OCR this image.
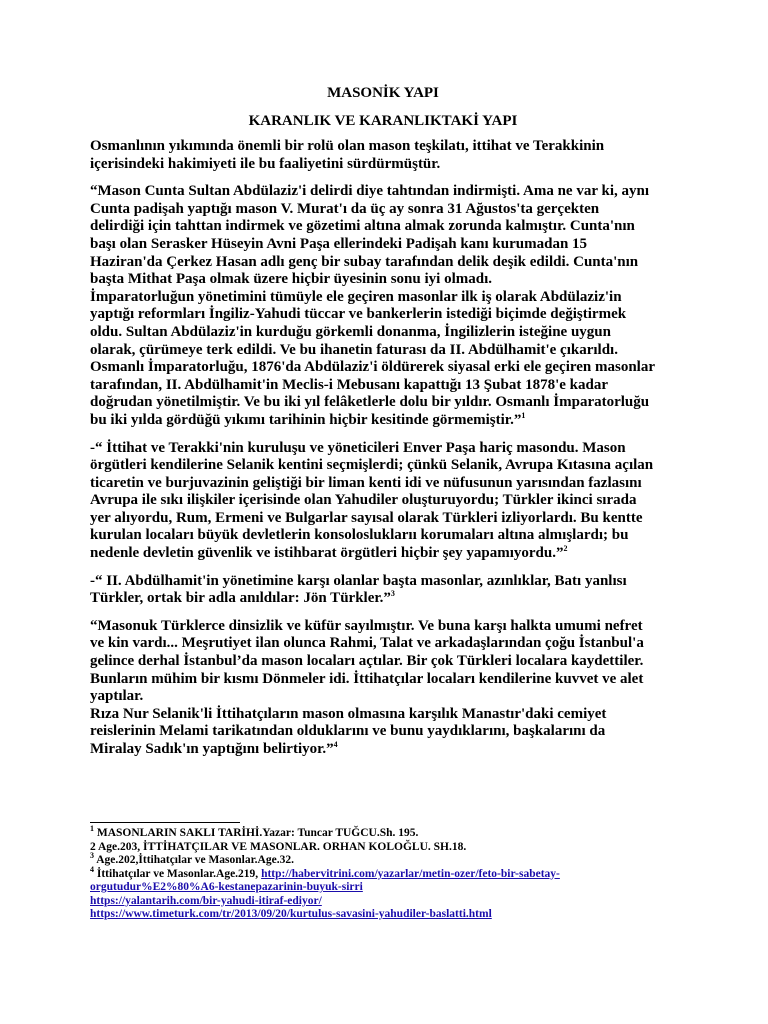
MASONİK YAPI

KARANLIK VE KARANLIKTAKİ YAPI

Osmanlının yıkımında önemli bir rolü olan mason teşkilatı, ittihat ve Terakkinin
içerisindeki hakimiyeti ile bu faaliyetini sürdürmüştür.

“Mason Cunta Sultan Abdülaziz'i delirdi diye tahtından indirmişti. Ama ne var ki, aynı
Cunta padişah yaptığı mason V. Murat'ı da üç ay sonra 31 Ağustos'ta gerçekten
delirdiği için tahttan indirmek ve gözetimi altına almak zorunda kalmıştır. Cunta'nın
başı olan Serasker Hüseyin Avni Paşa ellerindeki Padişah kanı kurumadan 15
Haziran'da Çerkez Hasan adlı genç bir subay tarafından delik deşik edildi. Cunta'nın
başta Mithat Paşa olmak üzere hiçbir üyesinin sonu iyi olmadı.
İmparatorluğun yönetimini tümüyle ele geçiren masonlar ilk iş olarak Abdülaziz'in
yaptığı reformları İngiliz-Yahudi tüccar ve bankerlerin istediği biçimde değiştirmek
oldu. Sultan Abdülaziz'in kurduğu görkemli donanma, İngilizlerin isteğine uygun
olarak, çürümeye terk edildi. Ve bu ihanetin faturası da II. Abdülhamit'e çıkarıldı.
Osmanlı İmparatorluğu, 1876'da Abdülaziz'i öldürerek siyasal erki ele geçiren masonlar
tarafından, II. Abdülhamit'in Meclis-i Mebusanı kapattığı 13 Şubat 1878'e kadar
doğrudan yönetilmiştir. Ve bu iki yıl felâketlerle dolu bir yıldır. Osmanlı İmparatorluğu
bu iki yılda gördüğü yıkımı tarihinin hiçbir kesitinde görmemiştir.”$^1$

-“ İttihat ve Terakki'nin kuruluşu ve yöneticileri Enver Paşa hariç masondu. Mason
örgütleri kendilerine Selanik kentini seçmişlerdi; çünkü Selanik, Avrupa Kıtasına açılan
ticaretin ve burjuvazinin geliştiği bir liman kenti idi ve nüfusunun yarısından fazlasını
Avrupa ile sıkı ilişkiler içerisinde olan Yahudiler oluşturuyordu; Türkler ikinci sırada
yer alıyordu, Rum, Ermeni ve Bulgarlar sayısal olarak Türkleri izliyorlardı. Bu kentte
kurulan locaları büyük devletlerin konsolosluklarıı korumaları altına almışlardı; bu
nedenle devletin güvenlik ve istihbarat örgütleri hiçbir şey yapamıyordu.”$^2$

-“ II. Abdülhamit'in yönetimine karşı olanlar başta masonlar, azınlıklar, Batı yanlısı
Türkler, ortak bir adla anıldılar: Jön Türkler.”$^3$

“Masonuk Türklerce dinsizlik ve küfür sayılmıştır. Ve buna karşı halkta umumi nefret
ve kin vardı... Meşrutiyet ilan olunca Rahmi, Talat ve arkadaşlarından çoğu İstanbul'a
gelince derhal İstanbul’da mason locaları açtılar. Bir çok Türkleri localara kaydettiler.
Bunların mühim bir kısmı Dönmeler idi. İttihatçılar locaları kendilerine kuvvet ve alet
yaptılar.

Rıza Nur Selanik'li İttihatçıların mason olmasına karşılık Manastır'daki cemiyet
reislerinin Melami tarikatından olduklarını ve bunu yaydıklarını, başkalarını da
Miralay Sadık'ın yaptığını belirtiyor.”$^4$

$^1$ MASONLARIN SAKLI TARİHİ.Yazar: Tuncar TUĞCU.Sh. 195.

2 Age.203, İTTİHATÇILAR VE MASONLAR. ORHAN KOLOĞLU. SH.18.

$^3$ Age.202,İttihatçılar ve Masonlar.Age.32.

$^4$ İttihatçılar ve Masonlar.Age.219, http://habervitrini.com/yazarlar/metin-ozer/feto-bir-sabetay-
orgutudur%E2%80%A6-kestanepazarinin-buyuk-sirri

https://yalantarih.com/bir-yahudi-itiraf-ediyor/

https://www.timeturk.com/tr/2013/09/20/kurtulus-savasini-yahudiler-baslatti.html
